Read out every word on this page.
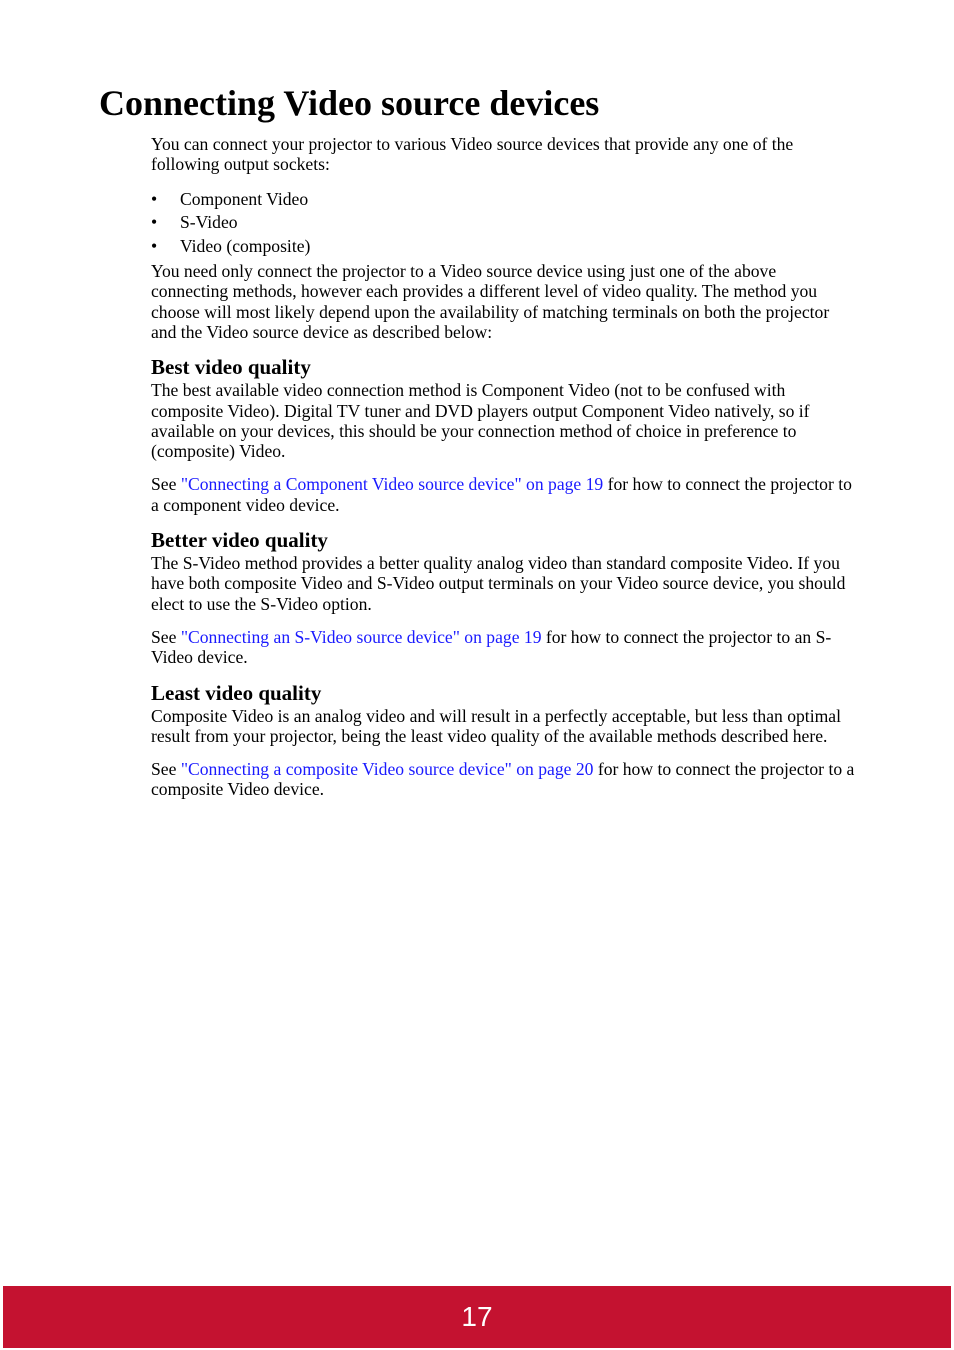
Connecting Video source devices

You can connect your projector to various Video source devices that provide any one of the following output sockets:

• Component Video
• S-Video
• Video (composite)

You need only connect the projector to a Video source device using just one of the above connecting methods, however each provides a different level of video quality. The method you choose will most likely depend upon the availability of matching terminals on both the projector and the Video source device as described below:

Best video quality

The best available video connection method is Component Video (not to be confused with composite Video). Digital TV tuner and DVD players output Component Video natively, so if available on your devices, this should be your connection method of choice in preference to (composite) Video.

See "Connecting a Component Video source device" on page 19 for how to connect the projector to a component video device.

Better video quality

The S-Video method provides a better quality analog video than standard composite Video. If you have both composite Video and S-Video output terminals on your Video source device, you should elect to use the S-Video option.

See "Connecting an S-Video source device" on page 19 for how to connect the projector to an S-Video device.

Least video quality

Composite Video is an analog video and will result in a perfectly acceptable, but less than optimal result from your projector, being the least video quality of the available methods described here.

See "Connecting a composite Video source device" on page 20 for how to connect the projector to a composite Video device.

17
